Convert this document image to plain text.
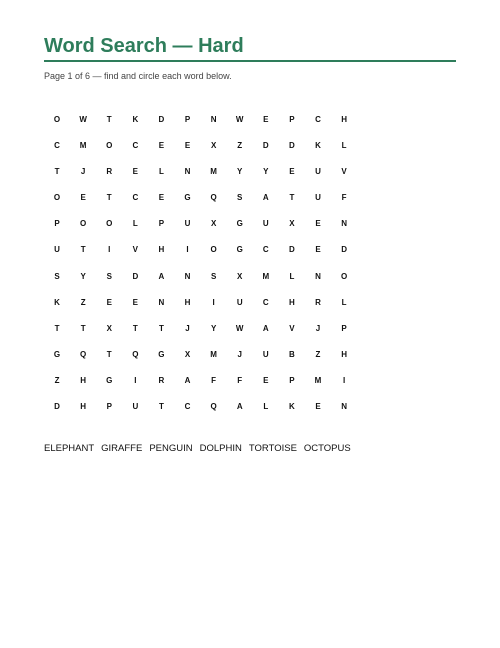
Word Search — Hard
Page 1 of 6 — find and circle each word below.
O	W	T	K	D	P	N	W	E	P	C	H
C	M	O	C	E	E	X	Z	D	D	K	L
T	J	R	E	L	N	M	Y	Y	E	U	V
O	E	T	C	E	G	Q	S	A	T	U	F
P	O	O	L	P	U	X	G	U	X	E	N
U	T	I	V	H	I	O	G	C	D	E	D
S	Y	S	D	A	N	S	X	M	L	N	O
K	Z	E	E	N	H	I	U	C	H	R	L
T	T	X	T	T	J	Y	W	A	V	J	P
G	Q	T	Q	G	X	M	J	U	B	Z	H
Z	H	G	I	R	A	F	F	E	P	M	I
D	H	P	U	T	C	Q	A	L	K	E	N
ELEPHANT GIRAFFE PENGUIN DOLPHIN TORTOISE OCTOPUS
